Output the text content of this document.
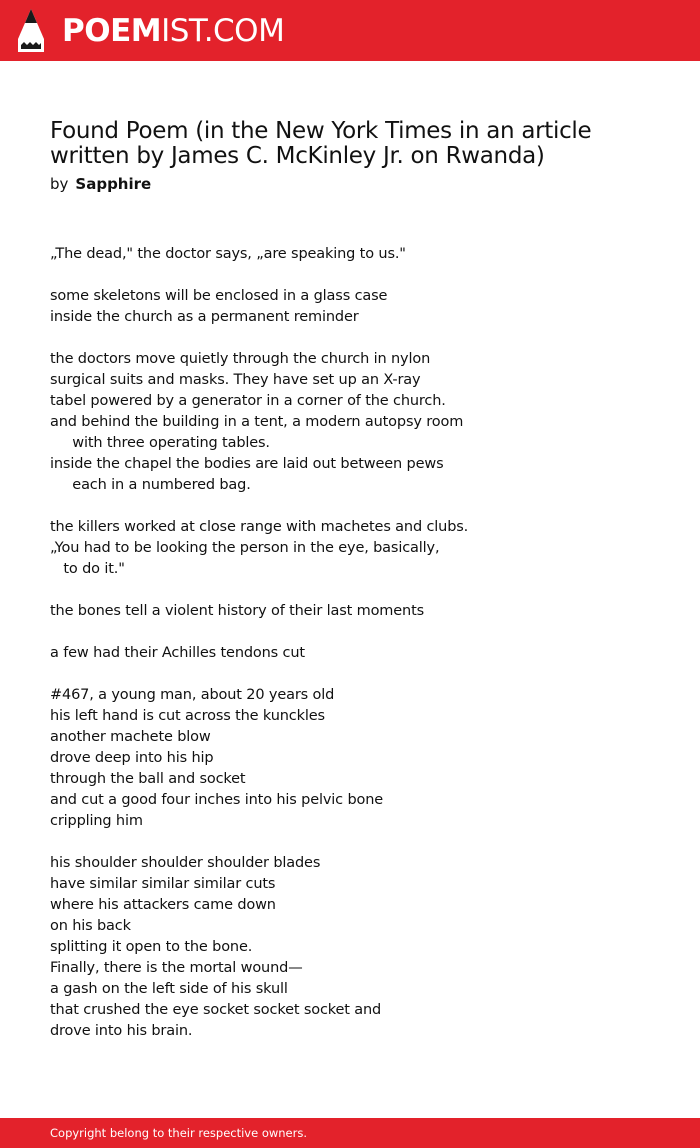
POEMIST.COM
Found Poem (in the New York Times in an article written by James C. McKinley Jr. on Rwanda)
by Sapphire
„The dead," the doctor says, „are speaking to us."
some skeletons will be enclosed in a glass case
inside the church as a permanent reminder
the doctors move quietly through the church in nylon
surgical suits and masks. They have set up an X-ray
tabel powered by a generator in a corner of the church.
and behind the building in a tent, a modern autopsy room
with three operating tables.
inside the chapel the bodies are laid out between pews
each in a numbered bag.
the killers worked at close range with machetes and clubs.
„You had to be looking the person in the eye, basically,
to do it."
the bones tell a violent history of their last moments
a few had their Achilles tendons cut
#467, a young man, about 20 years old
his left hand is cut across the kunckles
another machete blow
drove deep into his hip
through the ball and socket
and cut a good four inches into his pelvic bone
crippling him
his shoulder shoulder shoulder blades
have similar similar similar cuts
where his attackers came down
on his back
splitting it open to the bone.
Finally, there is the mortal wound—
a gash on the left side of his skull
that crushed the eye socket socket socket and
drove into his brain.
Copyright belong to their respective owners.
